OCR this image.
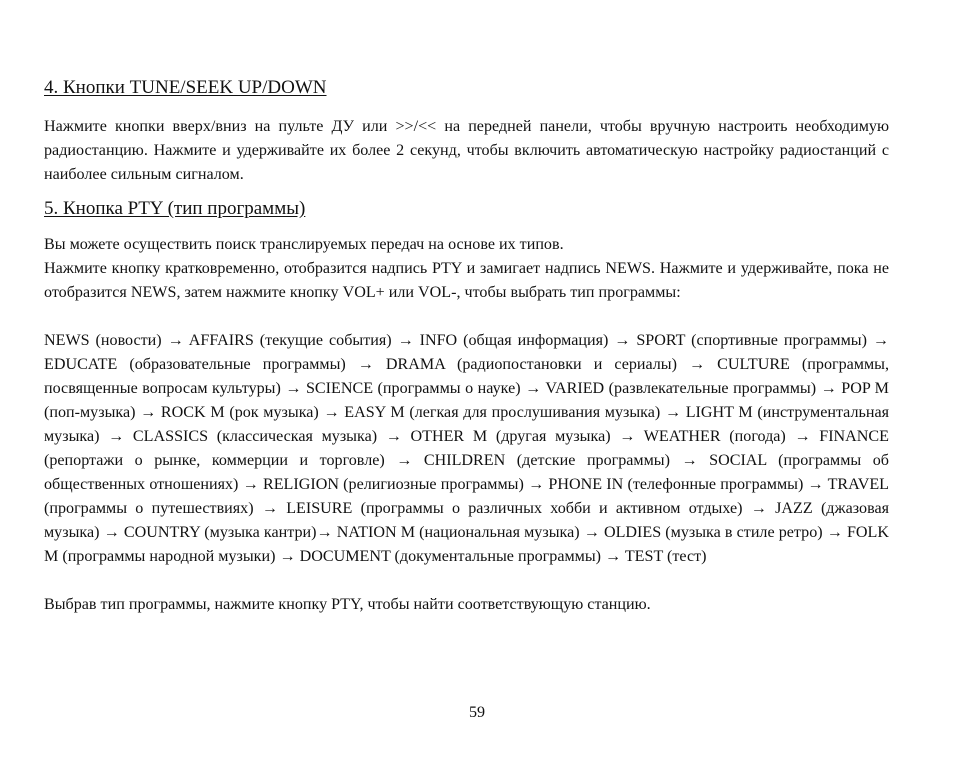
4. Кнопки TUNE/SEEK UP/DOWN

Нажмите кнопки вверх/вниз на пульте ДУ или >>/<< на передней панели, чтобы вручную настроить необходимую радиостанцию. Нажмите и удерживайте их более 2 секунд, чтобы включить автоматическую настройку радиостанций с наиболее сильным сигналом.

5. Кнопка PTY (тип программы)

Вы можете осуществить поиск транслируемых передач на основе их типов.

Нажмите кнопку кратковременно, отобразится надпись PTY и замигает надпись NEWS. Нажмите и удерживайте, пока не отобразится NEWS, затем нажмите кнопку VOL+ или VOL-, чтобы выбрать тип программы:

NEWS (новости) → AFFAIRS (текущие события) → INFO (общая информация) → SPORT (спортивные программы) → EDUCATE (образовательные программы) → DRAMA (радиопостановки и сериалы) → CULTURE (программы, посвященные вопросам культуры) → SCIENCE (программы о науке) → VARIED (развлекательные программы) → POP M (поп-музыка) → ROCK M (рок музыка) → EASY M (легкая для прослушивания музыка) → LIGHT M (инструментальная музыка) → CLASSICS (классическая музыка) → OTHER M (другая музыка) → WEATHER (погода) → FINANCE (репортажи о рынке, коммерции и торговле) → CHILDREN (детские программы) → SOCIAL (программы об общественных отношениях) → RELIGION (религиозные программы) → PHONE IN (телефонные программы) → TRAVEL (программы о путешествиях) → LEISURE (программы о различных хобби и активном отдыхе) → JAZZ (джазовая музыка) → COUNTRY (музыка кантри)→ NATION M (национальная музыка) → OLDIES (музыка в стиле ретро) → FOLK M (программы народной музыки) → DOCUMENT (документальные программы) → TEST (тест)

Выбрав тип программы, нажмите кнопку PTY, чтобы найти соответствующую станцию.

59
